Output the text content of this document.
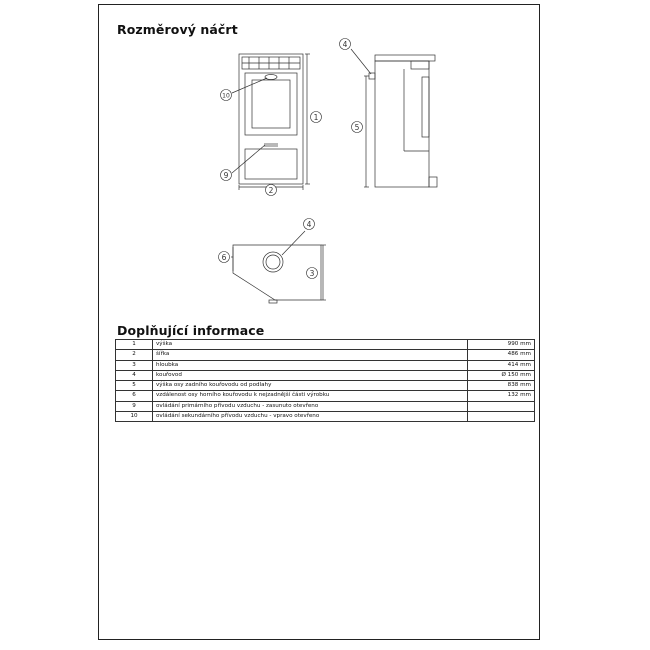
Rozměrový náčrt
1
2
4
5
10
9
4
6
3
Doplňující informace
1	výška	990 mm
2	šířka	486 mm
3	hloubka	414 mm
4	kouřovod	Ø 150 mm
5	výška osy zadního kouřovodu od podlahy	838 mm
6	vzdálenost osy horního kouřovodu k nejzadnější části výrobku	132 mm
9	ovládání primárního přívodu vzduchu - zasunuto otevřeno	
10	ovládání sekundárního přívodu vzduchu - vpravo otevřeno	
